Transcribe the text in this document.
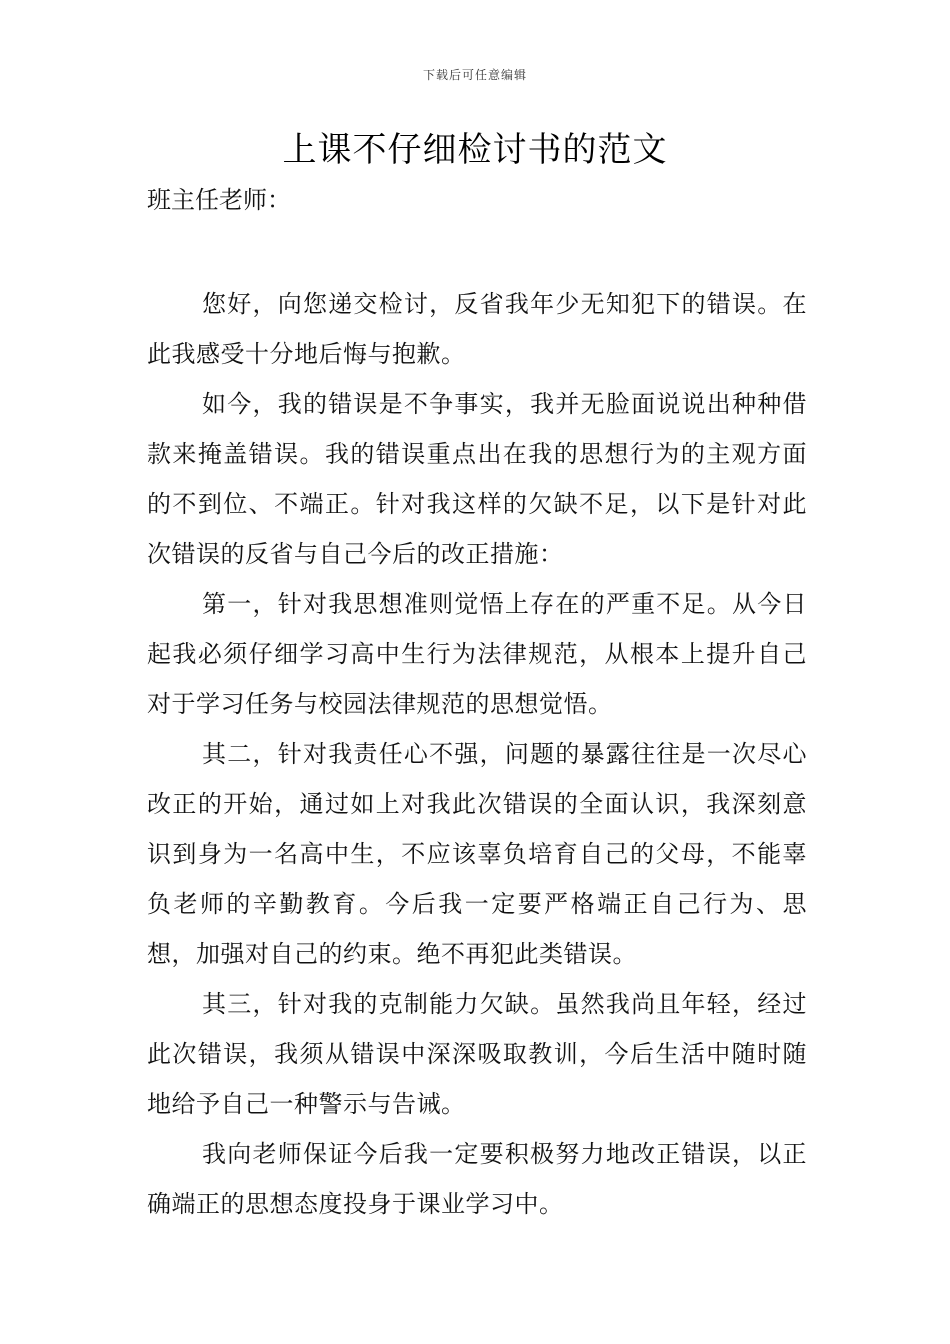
下载后可任意编辑
上课不仔细检讨书的范文

班主任老师：

您好，向您递交检讨，反省我年少无知犯下的错误。在此我感受十分地后悔与抱歉。

如今，我的错误是不争事实，我并无脸面说说出种种借款来掩盖错误。我的错误重点出在我的思想行为的主观方面的不到位、不端正。针对我这样的欠缺不足，以下是针对此次错误的反省与自己今后的改正措施：

第一，针对我思想准则觉悟上存在的严重不足。从今日起我必须仔细学习高中生行为法律规范，从根本上提升自己对于学习任务与校园法律规范的思想觉悟。

其二，针对我责任心不强，问题的暴露往往是一次尽心改正的开始，通过如上对我此次错误的全面认识，我深刻意识到身为一名高中生，不应该辜负培育自己的父母，不能辜负老师的辛勤教育。今后我一定要严格端正自己行为、思想，加强对自己的约束。绝不再犯此类错误。

其三，针对我的克制能力欠缺。虽然我尚且年轻，经过此次错误，我须从错误中深深吸取教训，今后生活中随时随地给予自己一种警示与告诫。

我向老师保证今后我一定要积极努力地改正错误，以正确端正的思想态度投身于课业学习中。
